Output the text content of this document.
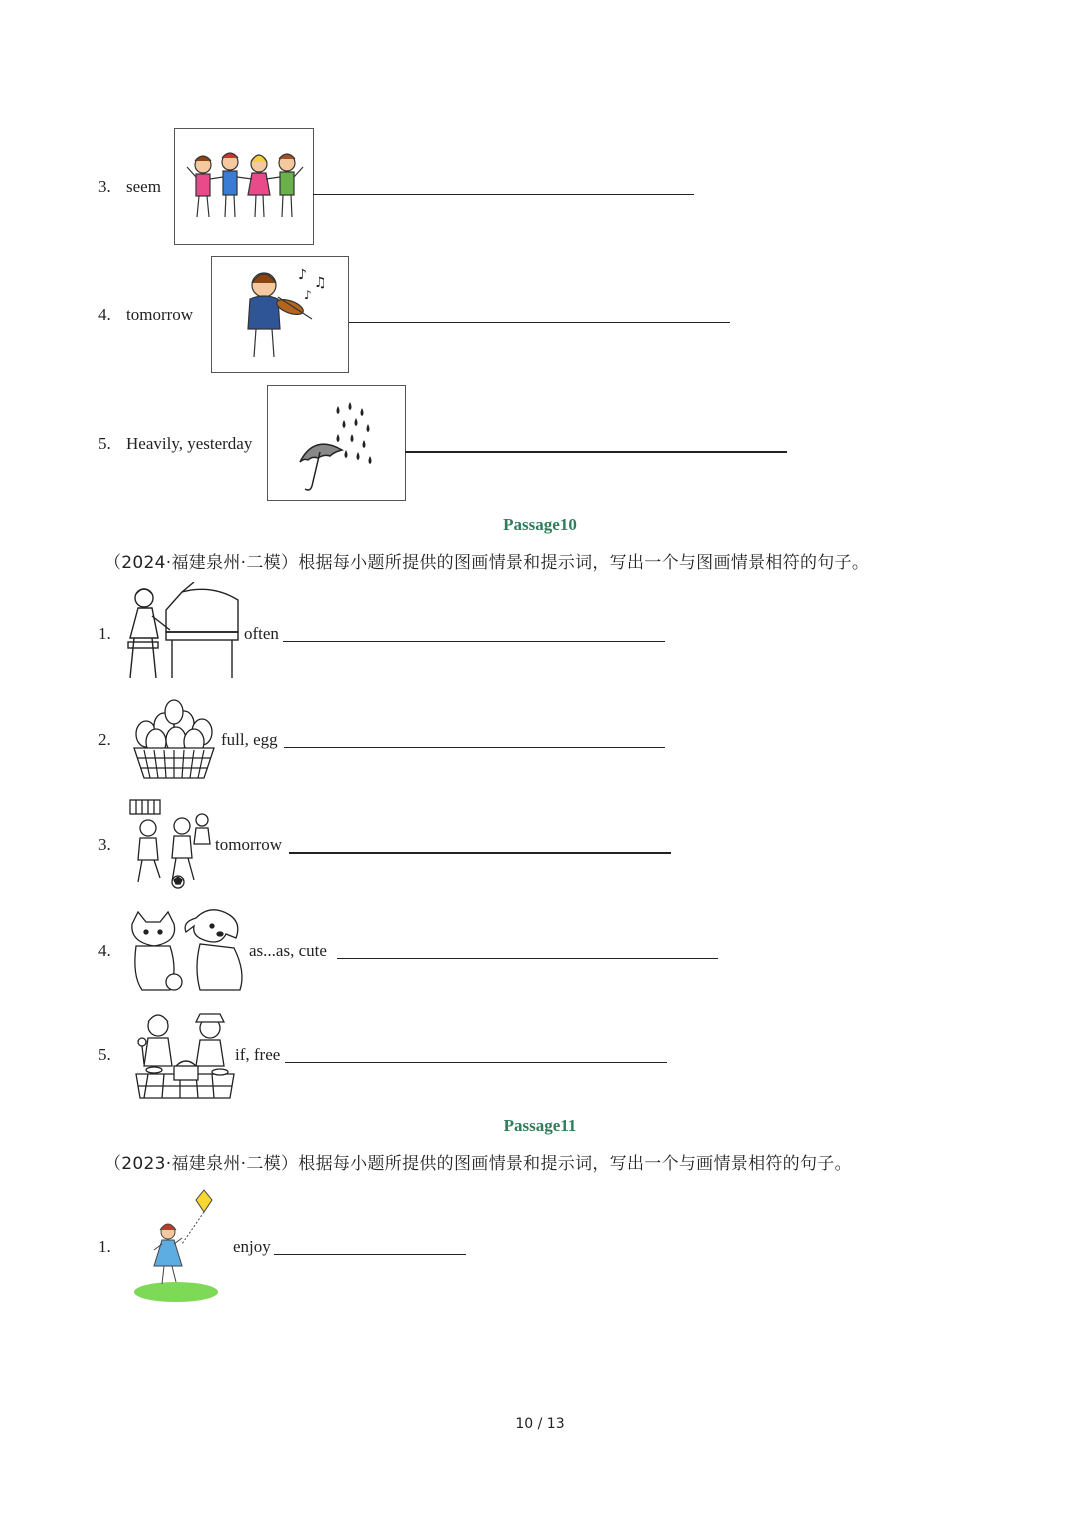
3. seem
4. tomorrow
♪ ♫
♪
5. Heavily, yesterday
Passage10
（2024·福建泉州·二模）根据每小题所提供的图画情景和提示词，写出一个与图画情景相符的句子。
1.	often
2.	full, egg
3.	tomorrow
4.	as...as, cute
5.	if, free
Passage11
（2023·福建泉州·二模）根据每小题所提供的图画情景和提示词，写出一个与画情景相符的句子。
1.	enjoy
10 / 13
